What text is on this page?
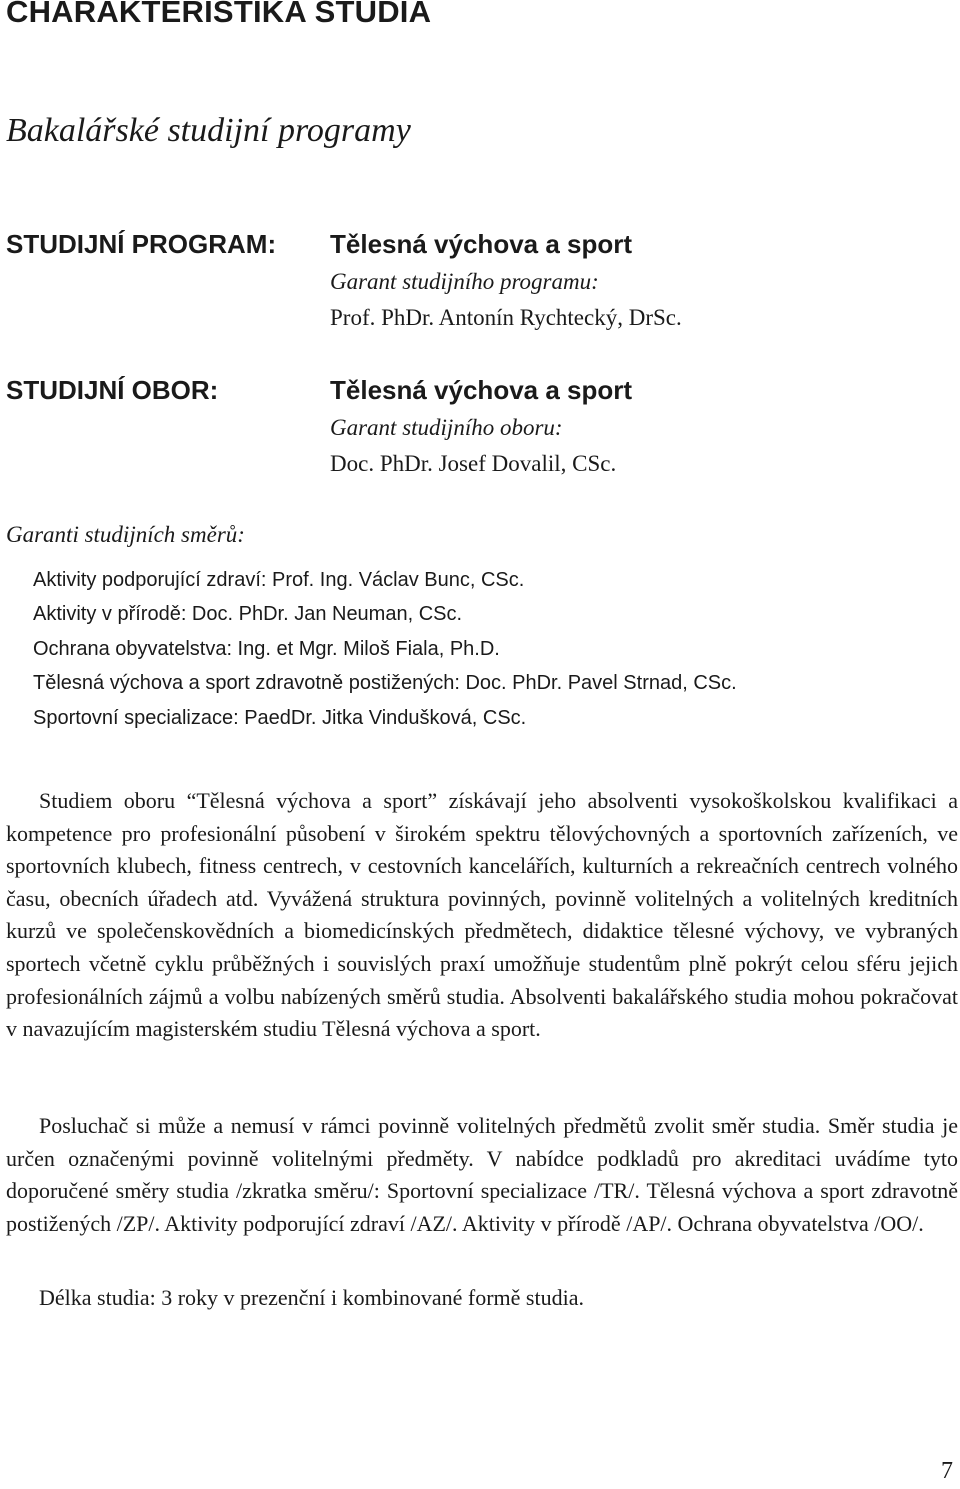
CHARAKTERISTIKA STUDIA
Bakalářské studijní programy
STUDIJNÍ PROGRAM: Tělesná výchova a sport
Garant studijního programu:
Prof. PhDr. Antonín Rychtecký, DrSc.
STUDIJNÍ OBOR:	Tělesná výchova a sport
Garant studijního oboru:
Doc. PhDr. Josef Dovalil, CSc.
Garanti studijních směrů:
Aktivity podporující zdraví: Prof. Ing. Václav Bunc, CSc.
Aktivity v přírodě: Doc. PhDr. Jan Neuman, CSc.
Ochrana obyvatelstva: Ing. et Mgr. Miloš Fiala, Ph.D.
Tělesná výchova a sport zdravotně postižených: Doc. PhDr. Pavel Strnad, CSc.
Sportovní specializace: PaedDr. Jitka Vindušková, CSc.

Studiem oboru “Tělesná výchova a sport” získávají jeho absolventi vysokoškolskou kvalifikaci a kompetence pro profesionální působení v širokém spektru tělovýchovných a sportovních zařízeních, ve sportovních klubech, fitness centrech, v cestovních kancelářích, kulturních a rekreačních centrech volného času, obecních úřadech atd. Vyvážená struktura povinných, povinně volitelných a volitelných kreditních kurzů ve společenskovědních a biomedicínských předmětech, didaktice tělesné výchovy, ve vybraných sportech včetně cyklu průběžných i souvislých praxí umožňuje studentům plně pokrýt celou sféru jejich profesionálních zájmů a volbu nabízených směrů studia. Absolventi bakalářského studia mohou pokračovat v navazujícím magisterském studiu Tělesná výchova a sport.

Posluchač si může a nemusí v rámci povinně volitelných předmětů zvolit směr studia. Směr studia je určen označenými povinně volitelnými předměty. V nabídce podkladů pro akreditaci uvádíme tyto doporučené směry studia /zkratka směru/: Sportovní specializace /TR/. Tělesná výchova a sport zdravotně postižených /ZP/. Aktivity podporující zdraví /AZ/. Aktivity v přírodě /AP/. Ochrana obyvatelstva /OO/.

Délka studia: 3 roky v prezenční i kombinované formě studia.

7
